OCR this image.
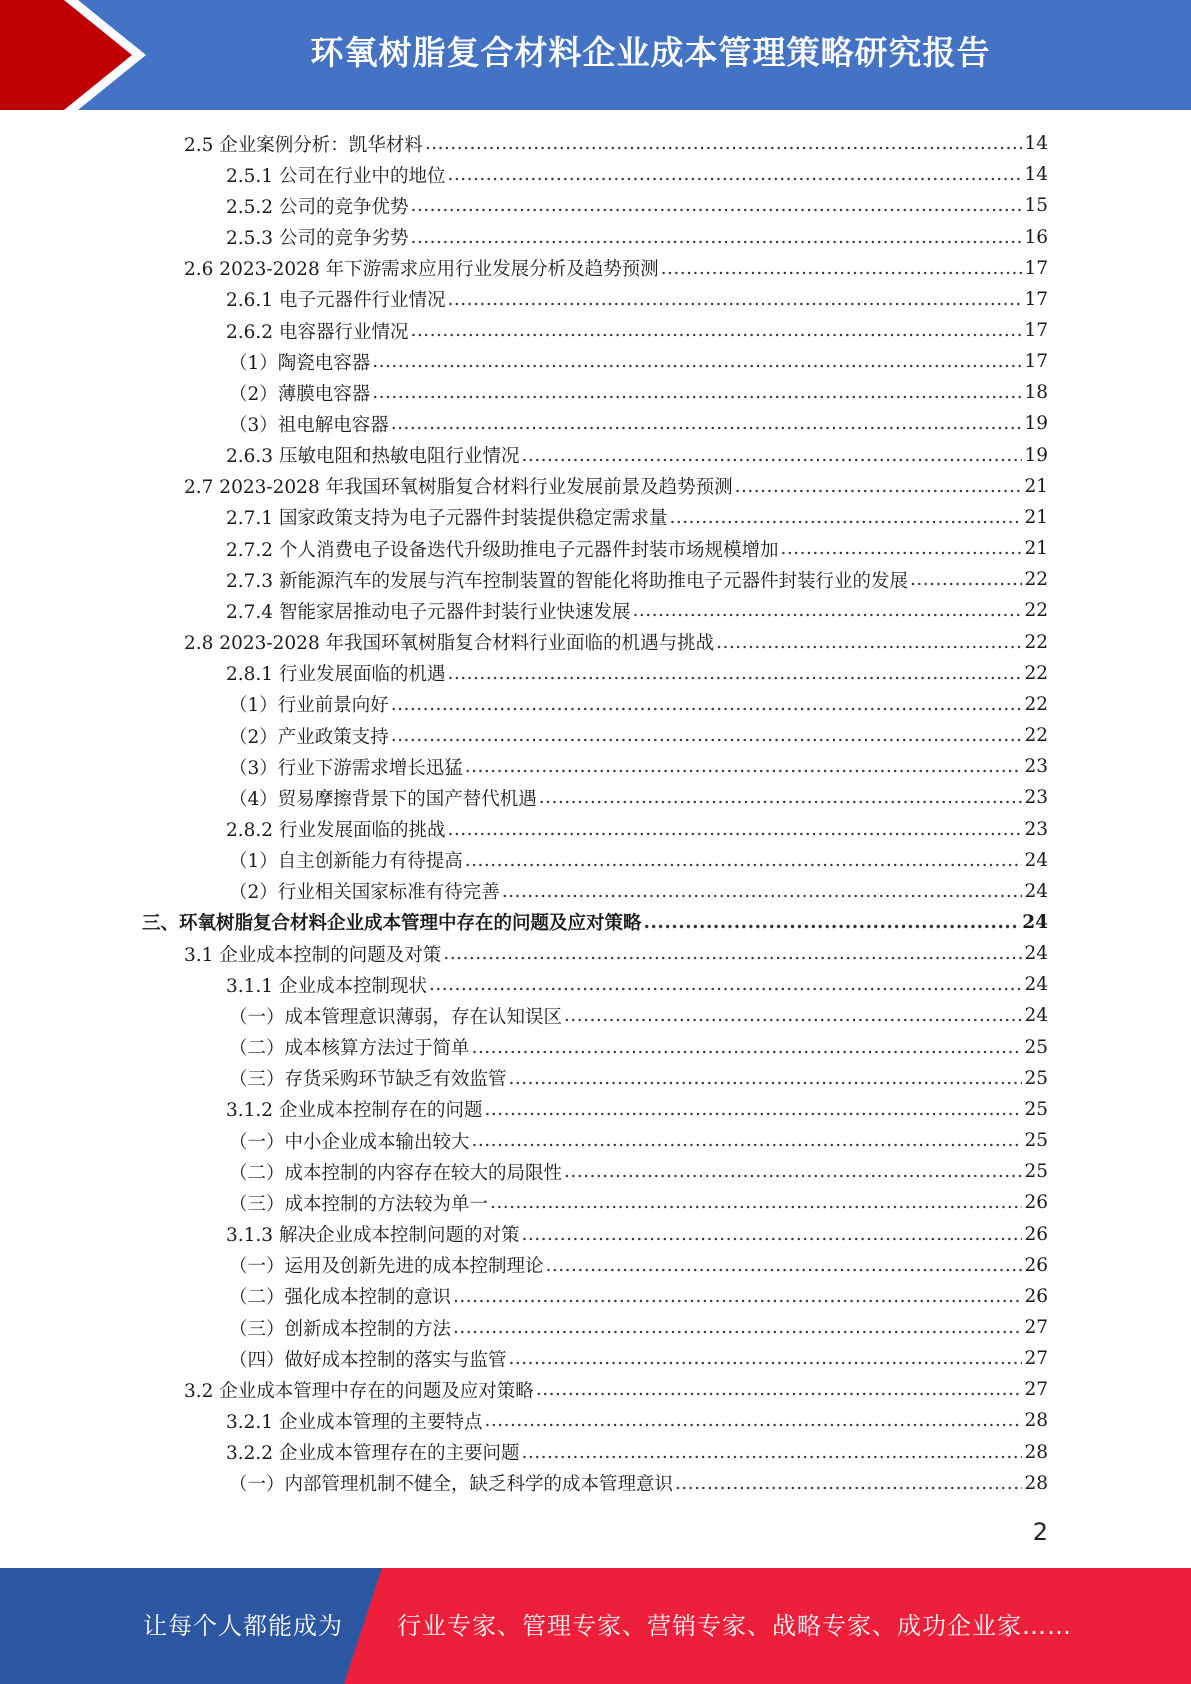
环氧树脂复合材料企业成本管理策略研究报告
2.5 企业案例分析：凯华材料 .....	14
2.5.1 公司在行业中的地位 .....	14
2.5.2 公司的竞争优势 .....	15
2.5.3 公司的竞争劣势 .....	16
2.6 2023-2028 年下游需求应用行业发展分析及趋势预测 .....	17
2.6.1 电子元器件行业情况 .....	17
2.6.2 电容器行业情况 .....	17
（1）陶瓷电容器 .....	17
（2）薄膜电容器 .....	18
（3）祖电解电容器 .....	19
2.6.3 压敏电阻和热敏电阻行业情况 .....	19
2.7 2023-2028 年我国环氧树脂复合材料行业发展前景及趋势预测 .....	21
2.7.1 国家政策支持为电子元器件封装提供稳定需求量 .....	21
2.7.2 个人消费电子设备迭代升级助推电子元器件封装市场规模增加 .....	21
2.7.3 新能源汽车的发展与汽车控制装置的智能化将助推电子元器件封装行业的发展 .....	22
2.7.4 智能家居推动电子元器件封装行业快速发展 .....	22
2.8 2023-2028 年我国环氧树脂复合材料行业面临的机遇与挑战 .....	22
2.8.1 行业发展面临的机遇 .....	22
（1）行业前景向好 .....	22
（2）产业政策支持 .....	22
（3）行业下游需求增长迅猛 .....	23
（4）贸易摩擦背景下的国产替代机遇 .....	23
2.8.2 行业发展面临的挑战 .....	23
（1）自主创新能力有待提高 .....	24
（2）行业相关国家标准有待完善 .....	24
三、环氧树脂复合材料企业成本管理中存在的问题及应对策略 .....	24
3.1 企业成本控制的问题及对策 .....	24
3.1.1 企业成本控制现状 .....	24
（一）成本管理意识薄弱，存在认知误区 .....	24
（二）成本核算方法过于简单 .....	25
（三）存货采购环节缺乏有效监管 .....	25
3.1.2 企业成本控制存在的问题 .....	25
（一）中小企业成本输出较大 .....	25
（二）成本控制的内容存在较大的局限性 .....	25
（三）成本控制的方法较为单一 .....	26
3.1.3 解决企业成本控制问题的对策 .....	26
（一）运用及创新先进的成本控制理论 .....	26
（二）强化成本控制的意识 .....	26
（三）创新成本控制的方法 .....	27
（四）做好成本控制的落实与监管 .....	27
3.2 企业成本管理中存在的问题及应对策略 .....	27
3.2.1 企业成本管理的主要特点 .....	28
3.2.2 企业成本管理存在的主要问题 .....	28
（一）内部管理机制不健全，缺乏科学的成本管理意识 .....	28
2
让每个人都能成为 行业专家、管理专家、营销专家、战略专家、成功企业家……
